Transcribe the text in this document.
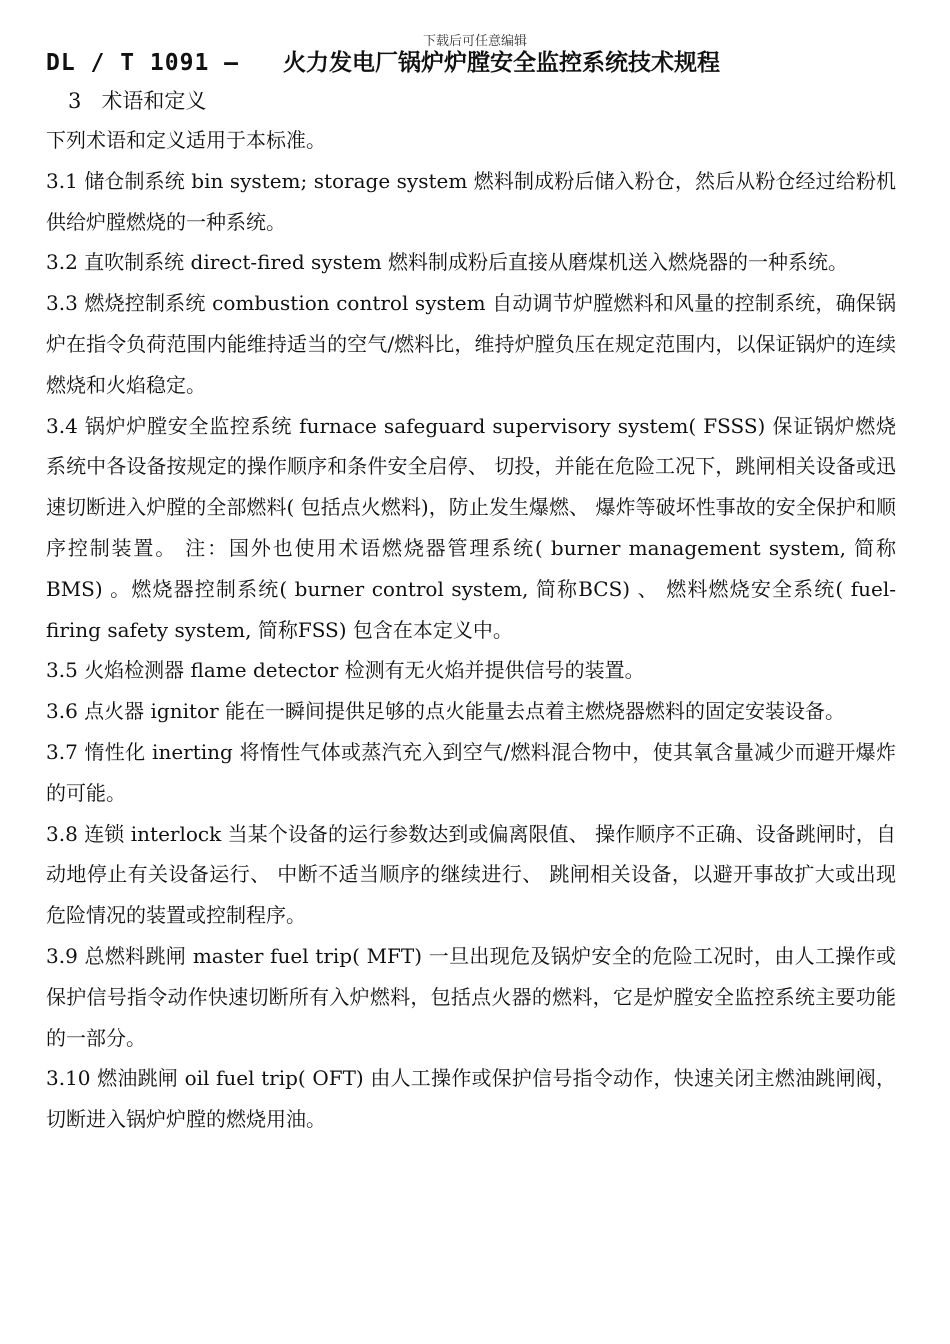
下载后可任意编辑
DL / T 1091 — 火力发电厂锅炉炉膛安全监控系统技术规程
3 术语和定义

下列术语和定义适用于本标准。

3.1 储仓制系统 bin system; storage system 燃料制成粉后储入粉仓，然后从粉仓经过给粉机供给炉膛燃烧的一种系统。

3.2 直吹制系统 direct-fired system 燃料制成粉后直接从磨煤机送入燃烧器的一种系统。

3.3 燃烧控制系统 combustion control system 自动调节炉膛燃料和风量的控制系统，确保锅炉在指令负荷范围内能维持适当的空气/燃料比，维持炉膛负压在规定范围内，以保证锅炉的连续燃烧和火焰稳定。

3.4 锅炉炉膛安全监控系统 furnace safeguard supervisory system( FSSS) 保证锅炉燃烧系统中各设备按规定的操作顺序和条件安全启停、 切投，并能在危险工况下，跳闸相关设备或迅速切断进入炉膛的全部燃料( 包括点火燃料)，防止发生爆燃、 爆炸等破坏性事故的安全保护和顺序控制装置。 注：国外也使用术语燃烧器管理系统( burner management system, 简称BMS) 。燃烧器控制系统( burner control system, 简称BCS) 、 燃料燃烧安全系统( fuel-firing safety system, 简称FSS) 包含在本定义中。

3.5 火焰检测器 flame detector 检测有无火焰并提供信号的装置。

3.6 点火器 ignitor 能在一瞬间提供足够的点火能量去点着主燃烧器燃料的固定安装设备。

3.7 惰性化 inerting 将惰性气体或蒸汽充入到空气/燃料混合物中，使其氧含量减少而避开爆炸的可能。

3.8 连锁 interlock 当某个设备的运行参数达到或偏离限值、 操作顺序不正确、设备跳闸时，自动地停止有关设备运行、 中断不适当顺序的继续进行、 跳闸相关设备，以避开事故扩大或出现危险情况的装置或控制程序。

3.9 总燃料跳闸 master fuel trip( MFT) 一旦出现危及锅炉安全的危险工况时，由人工操作或保护信号指令动作快速切断所有入炉燃料，包括点火器的燃料，它是炉膛安全监控系统主要功能的一部分。

3.10 燃油跳闸 oil fuel trip( OFT) 由人工操作或保护信号指令动作，快速关闭主燃油跳闸阀，切断进入锅炉炉膛的燃烧用油。
